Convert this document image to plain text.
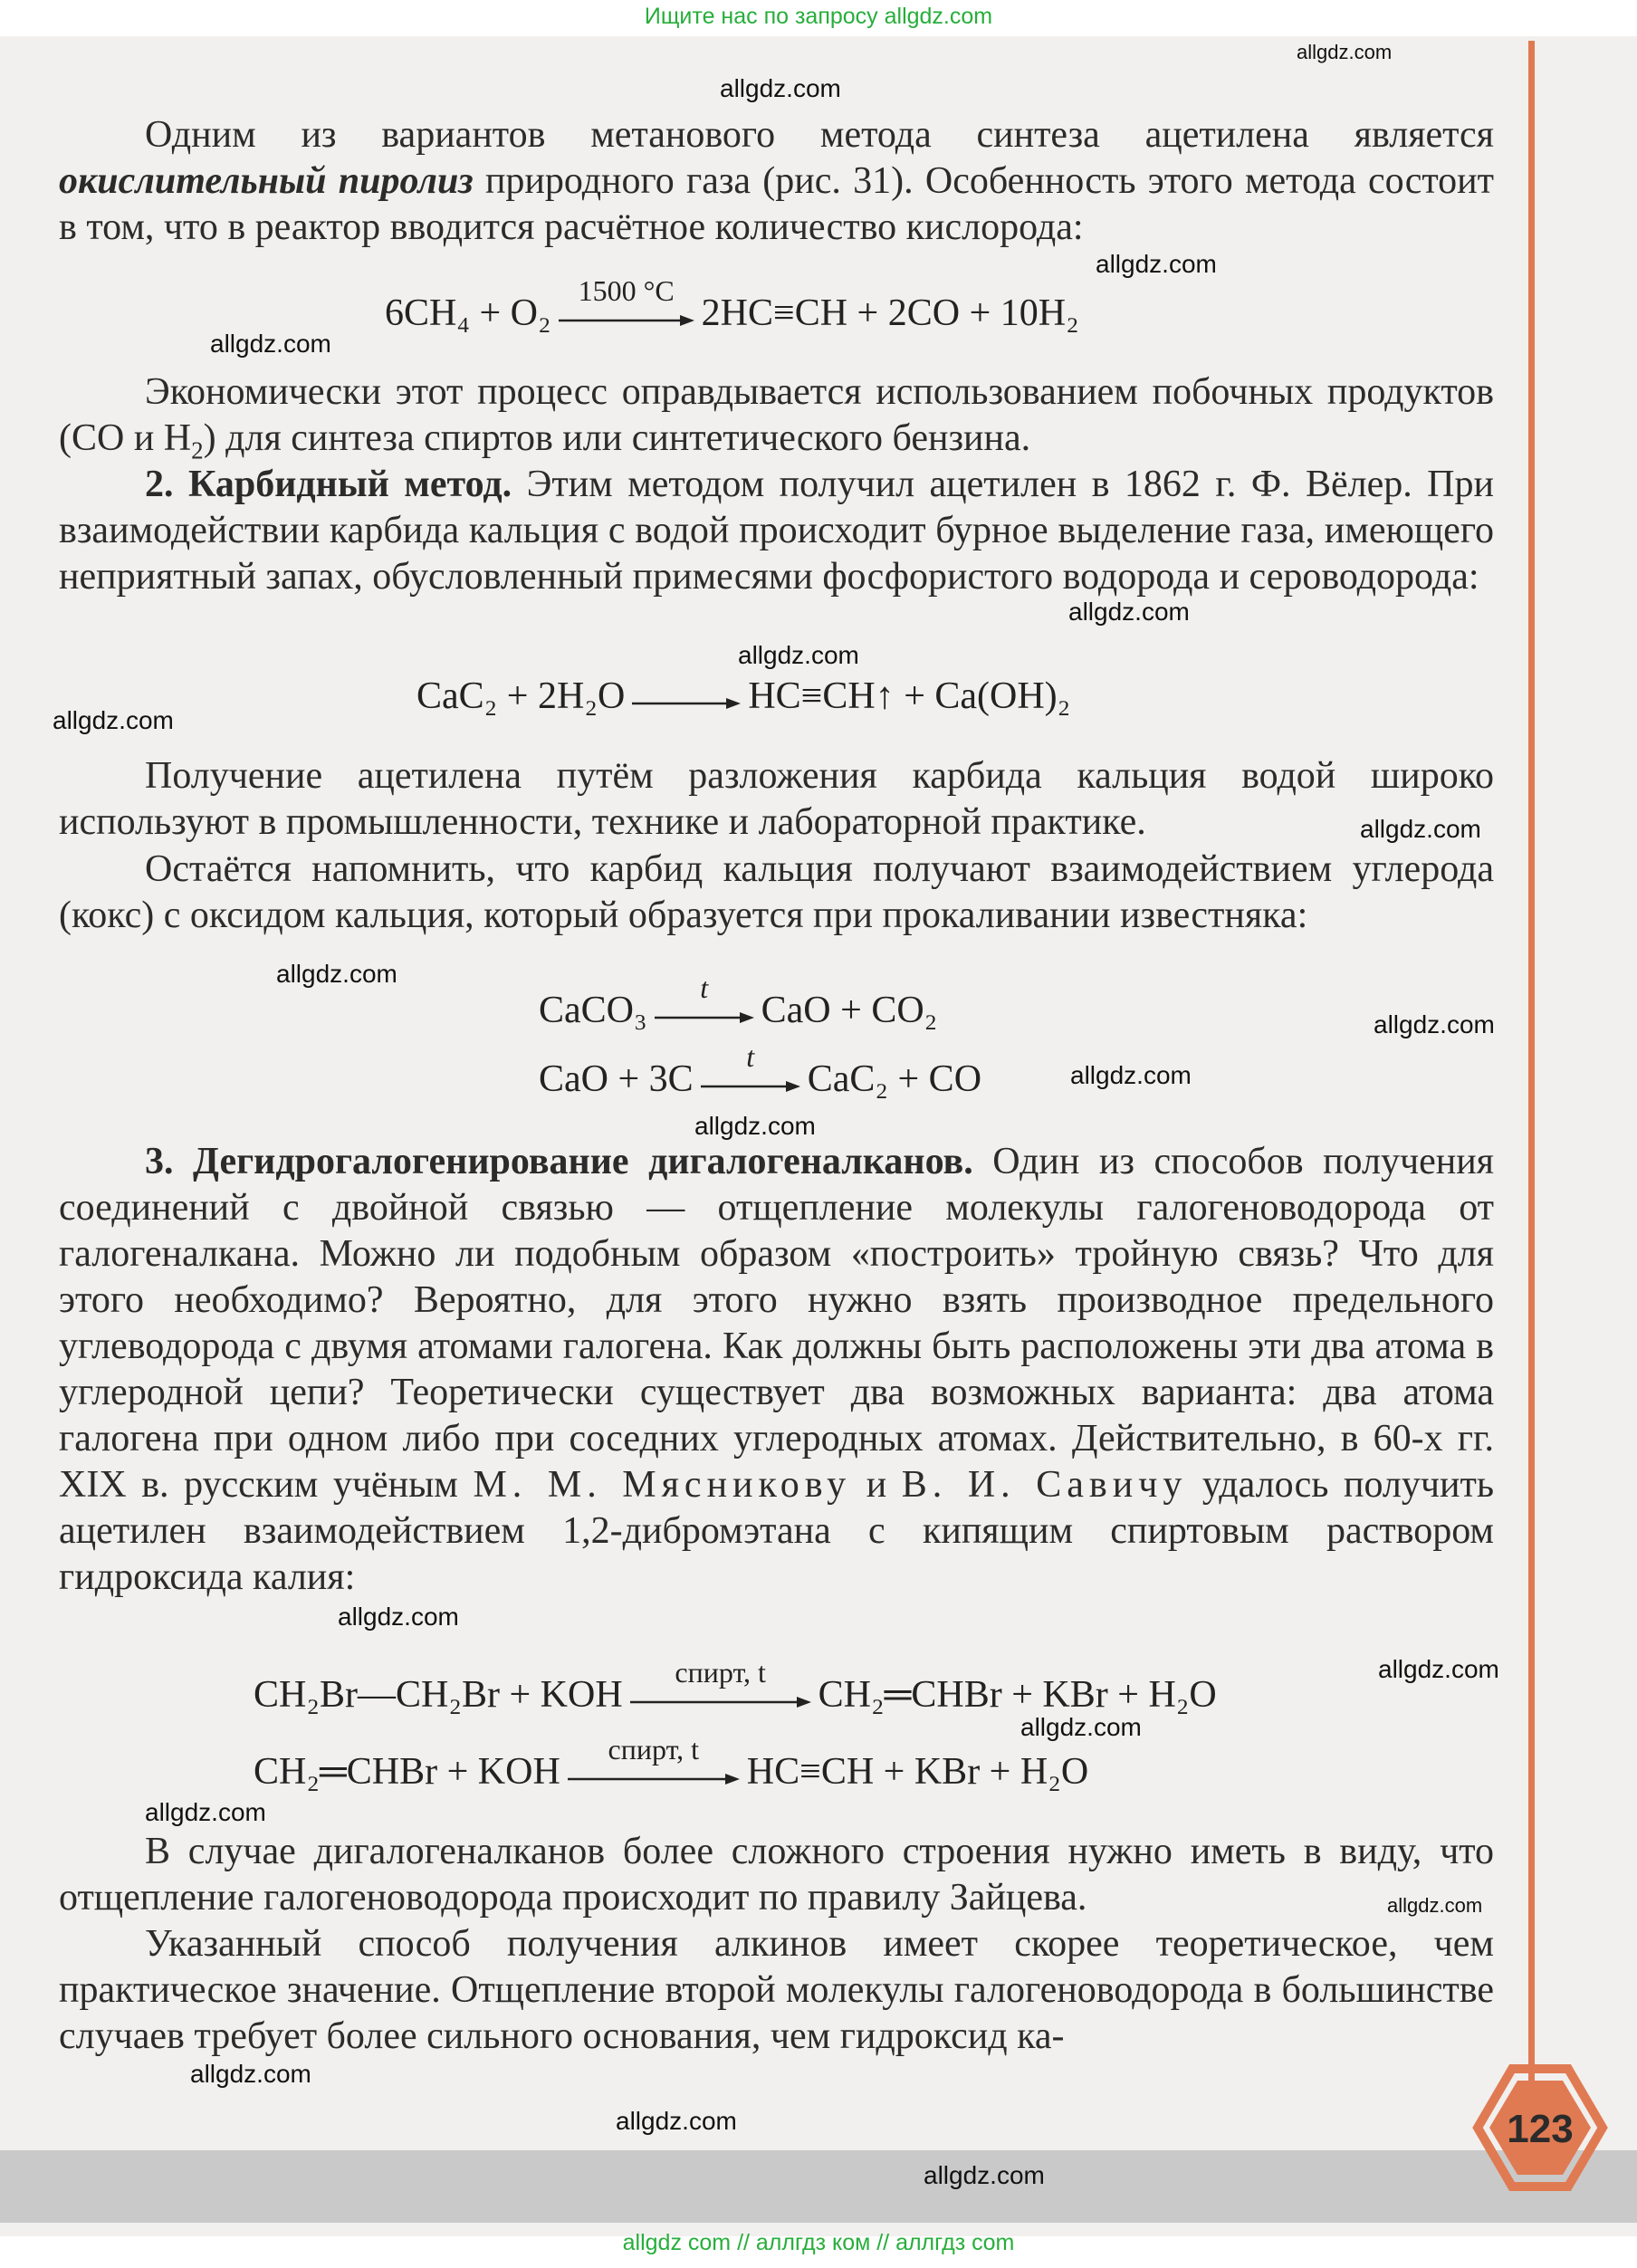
Ищите нас по запросу allgdz.com
Одним из вариантов метанового метода синтеза ацетилена является окислительный пиролиз природного газа (рис. 31). Особенность этого метода состоит в том, что в реактор вводится расчётное количество кислорода:
6CH₄ + O₂
1500 °C
2HC≡CH + 2CO + 10H₂
Экономически этот процесс оправдывается использованием побочных продуктов (CO и $H_2$) для синтеза спиртов или синтетического бензина.
2. Карбидный метод. Этим методом получил ацетилен в 1862 г. Ф. Вёлер. При взаимодействии карбида кальция с водой происходит бурное выделение газа, имеющего неприятный запах, обусловленный примесями фосфористого водорода и сероводорода:
CaC₂ + 2H₂O	HC≡CH↑ + Ca(OH)₂
Получение ацетилена путём разложения карбида кальция водой широко используют в промышленности, технике и лабораторной практике.
Остаётся напомнить, что карбид кальция получают взаимодействием углерода (кокс) с оксидом кальция, который образуется при прокаливании известняка:
CaCO₃
t
CaO + CO₂
CaO + 3C
t
CaC₂ + CO
3. Дегидрогалогенирование дигалогеналканов. Один из способов получения соединений с двойной связью — отщепление молекулы галогеноводорода от галогеналкана. Можно ли подобным образом «построить» тройную связь? Что для этого необходимо? Вероятно, для этого нужно взять производное предельного углеводорода с двумя атомами галогена. Как должны быть расположены эти два атома в углеродной цепи? Теоретически существует два возможных варианта: два атома галогена при одном либо при соседних углеродных атомах. Действительно, в 60-х гг. XIX в. русским учёным М. М. Мясникову и В. И. Савичу удалось получить ацетилен взаимодействием 1,2-дибромэтана с кипящим спиртовым раствором гидроксида калия:
CH₂Br—CH₂Br + KOH
спирт, t
CH₂═CHBr + KBr + H₂O
CH₂═CHBr + KOH
спирт, t
HC≡CH + KBr + H₂O
В случае дигалогеналканов более сложного строения нужно иметь в виду, что отщепление галогеноводорода происходит по правилу Зайцева.
Указанный способ получения алкинов имеет скорее теоретическое, чем практическое значение. Отщепление второй молекулы галогеноводорода в большинстве случаев требует более сильного основания, чем гидроксид ка-
123
allgdz.com
allgdz.com
allgdz.com
allgdz.com
allgdz.com
allgdz.com
allgdz.com
allgdz.com
allgdz.com
allgdz.com
allgdz.com
allgdz.com
allgdz.com
allgdz.com
allgdz.com
allgdz.com
allgdz.com
allgdz.com
allgdz.com
allgdz.com
allgdz com // аллгдз ком // аллгдз com
